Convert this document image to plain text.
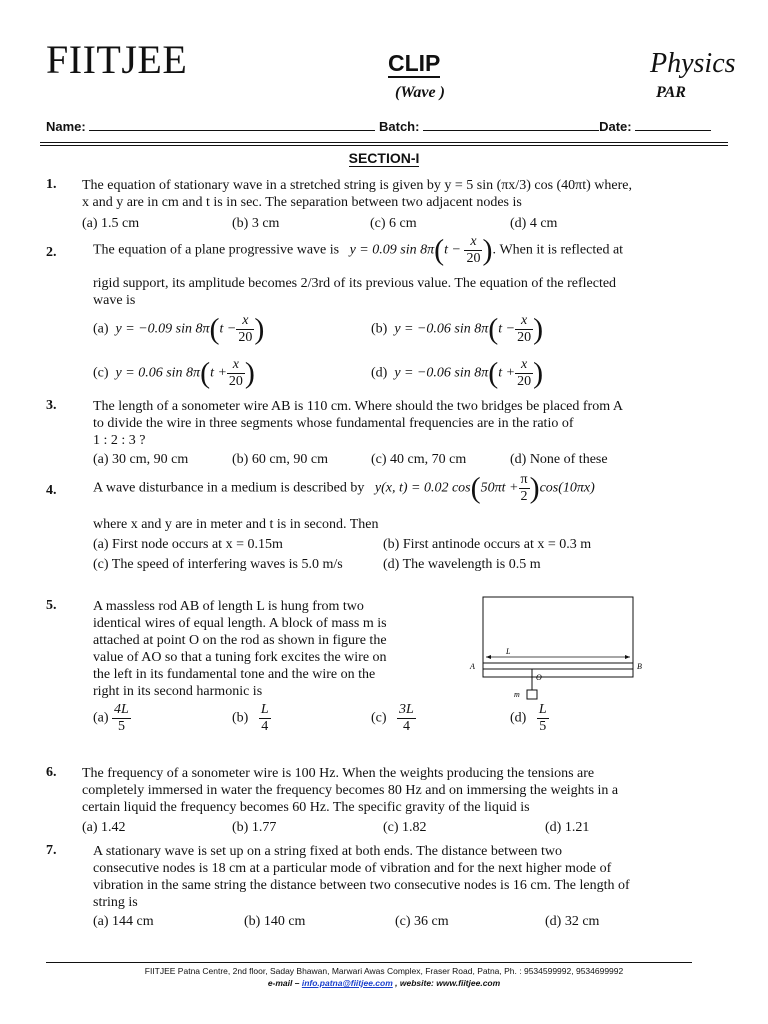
FIITJEE	CLIP
(Wave )
Physics
PAR
Name:	Batch:	Date:
SECTION-I
1. The equation of stationary wave in a stretched string is given by y = 5 sin (πx/3) cos (40πt) where,
x and y are in cm and t is in sec. The separation between two adjacent nodes is
(a) 1.5 cm	(b) 3 cm	(c) 6 cm	(d) 4 cm
2.	The equation of a plane progressive wave is y = 0.09 $\sin 8\pi(t - \frac{x}{20}$ ). When it is reflected at
rigid support, its amplitude becomes 2/3rd of its previous value. The equation of the reflected
wave is
(a) y = −0.09 $\sin 8\pi(t - \frac{x}{20}$ )	(b) y = −0.06 $\sin 8\pi(t - \frac{x}{20}$ )
(c) y = 0.06 $\sin 8\pi(t + \frac{x}{20}$ )	(d) y = −0.06 $\sin 8\pi(t + \frac{x}{20}$ )
3.	The length of a sonometer wire AB is 110 cm. Where should the two bridges be placed from A
to divide the wire in three segments whose fundamental frequencies are in the ratio of
1 : 2 : 3 ?
(a) 30 cm, 90 cm	(b) 60 cm, 90 cm	(c) 40 cm, 70 cm	(d) None of these
4.	A wave disturbance in a medium is described by y(x, t) = 0.02 $\cos(50\pi t + \frac{\pi}{2} )\cos(10\pi x)$
where x and y are in meter and t is in second. Then
(a) First node occurs at x = 0.15m	(b) First antinode occurs at x = 0.3 m
(c) The speed of interfering waves is 5.0 m/s	(d) The wavelength is 0.5 m
5.	A massless rod AB of length L is hung from two
identical wires of equal length. A block of mass m is
attached at point O on the rod as shown in figure the
value of AO so that a tuning fork excites the wire on
the left in its fundamental tone and the wire on the
right in its second harmonic is
L
A	B
O
m
$(a) \frac{4L}{5}$	$(b) \frac{L}{4}$	$(c) \frac{3L}{4}$	$(d) \frac{L}{5}$
6. The frequency of a sonometer wire is 100 Hz. When the weights producing the tensions are
completely immersed in water the frequency becomes 80 Hz and on immersing the weights in a
certain liquid the frequency becomes 60 Hz. The specific gravity of the liquid is
(a) 1.42	(b) 1.77	(c) 1.82	(d) 1.21
7.	A stationary wave is set up on a string fixed at both ends. The distance between two
consecutive nodes is 18 cm at a particular mode of vibration and for the next higher mode of
vibration in the same string the distance between two consecutive nodes is 16 cm. The length of
string is
(a) 144 cm	(b) 140 cm	(c) 36 cm	(d) 32 cm
FIITJEE Patna Centre, 2nd floor, Saday Bhawan, Marwari Awas Complex, Fraser Road, Patna, Ph. : 9534599992, 9534699992
e-mail – info.patna@fiitjee.com , website: www.fiitjee.com
